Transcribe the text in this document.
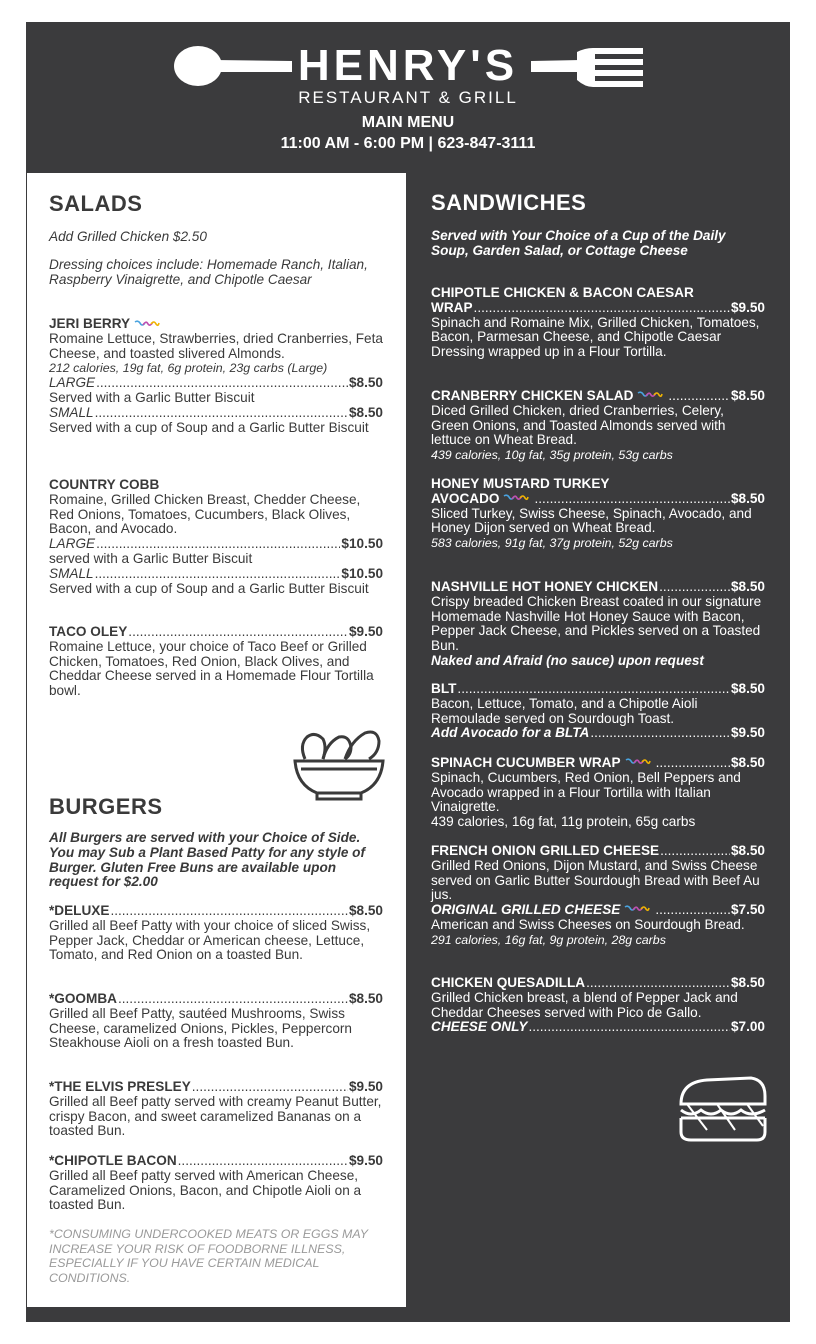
HENRY'S
RESTAURANT & GRILL
MAIN MENU
11:00 AM - 6:00 PM | 623-847-3111
SALADS
Add Grilled Chicken $2.50
Dressing choices include: Homemade Ranch, Italian, Raspberry Vinaigrette, and Chipotle Caesar
JERI BERRY
Romaine Lettuce, Strawberries, dried Cranberries, Feta Cheese, and toasted slivered Almonds.
212 calories, 19g fat, 6g protein, 23g carbs (Large)
LARGE .....	$8.50
Served with a Garlic Butter Biscuit
SMALL .....	$8.50
Served with a cup of Soup and a Garlic Butter Biscuit
COUNTRY COBB
Romaine, Grilled Chicken Breast, Chedder Cheese, Red Onions, Tomatoes, Cucumbers, Black Olives, Bacon, and Avocado.
LARGE .....	$10.50
served with a Garlic Butter Biscuit
SMALL .....	$10.50
Served with a cup of Soup and a Garlic Butter Biscuit
TACO OLEY .....	$9.50
Romaine Lettuce, your choice of Taco Beef or Grilled Chicken, Tomatoes, Red Onion, Black Olives, and Cheddar Cheese served in a Homemade Flour Tortilla bowl.
BURGERS
All Burgers are served with your Choice of Side. You may Sub a Plant Based Patty for any style of Burger. Gluten Free Buns are available upon request for $2.00
*DELUXE .....	$8.50
Grilled all Beef Patty with your choice of sliced Swiss, Pepper Jack, Cheddar or American cheese, Lettuce, Tomato, and Red Onion on a toasted Bun.
*GOOMBA .....	$8.50
Grilled all Beef Patty, sautéed Mushrooms, Swiss Cheese, caramelized Onions, Pickles, Peppercorn Steakhouse Aioli on a fresh toasted Bun.
*THE ELVIS PRESLEY .....	$9.50
Grilled all Beef patty served with creamy Peanut Butter, crispy Bacon, and sweet caramelized Bananas on a toasted Bun.
*CHIPOTLE BACON .....	$9.50
Grilled all Beef patty served with American Cheese, Caramelized Onions, Bacon, and Chipotle Aioli on a toasted Bun.
*CONSUMING UNDERCOOKED MEATS OR EGGS MAY INCREASE YOUR RISK OF FOODBORNE ILLNESS, ESPECIALLY IF YOU HAVE CERTAIN MEDICAL CONDITIONS.
SANDWICHES
Served with Your Choice of a Cup of the Daily Soup, Garden Salad, or Cottage Cheese
CHIPOTLE CHICKEN & BACON CAESAR
WRAP .....	$9.50
Spinach and Romaine Mix, Grilled Chicken, Tomatoes, Bacon, Parmesan Cheese, and Chipotle Caesar Dressing wrapped up in a Flour Tortilla.
CRANBERRY CHICKEN SALAD .....	$8.50
Diced Grilled Chicken, dried Cranberries, Celery, Green Onions, and Toasted Almonds served with lettuce on Wheat Bread.
439 calories, 10g fat, 35g protein, 53g carbs
HONEY MUSTARD TURKEY
AVOCADO .....	$8.50
Sliced Turkey, Swiss Cheese, Spinach, Avocado, and Honey Dijon served on Wheat Bread.
583 calories, 91g fat, 37g protein, 52g carbs
NASHVILLE HOT HONEY CHICKEN .....	$8.50
Crispy breaded Chicken Breast coated in our signature Homemade Nashville Hot Honey Sauce with Bacon, Pepper Jack Cheese, and Pickles served on a Toasted Bun.
Naked and Afraid (no sauce) upon request
BLT .....	$8.50
Bacon, Lettuce, Tomato, and a Chipotle Aioli Remoulade served on Sourdough Toast.
Add Avocado for a BLTA .....	$9.50
SPINACH CUCUMBER WRAP .....	$8.50
Spinach, Cucumbers, Red Onion, Bell Peppers and Avocado wrapped in a Flour Tortilla with Italian Vinaigrette.
439 calories, 16g fat, 11g protein, 65g carbs
FRENCH ONION GRILLED CHEESE .....	$8.50
Grilled Red Onions, Dijon Mustard, and Swiss Cheese served on Garlic Butter Sourdough Bread with Beef Au jus.
ORIGINAL GRILLED CHEESE .....	$7.50
American and Swiss Cheeses on Sourdough Bread.
291 calories, 16g fat, 9g protein, 28g carbs
CHICKEN QUESADILLA .....	$8.50
Grilled Chicken breast, a blend of Pepper Jack and Cheddar Cheeses served with Pico de Gallo.
CHEESE ONLY .....	$7.00
